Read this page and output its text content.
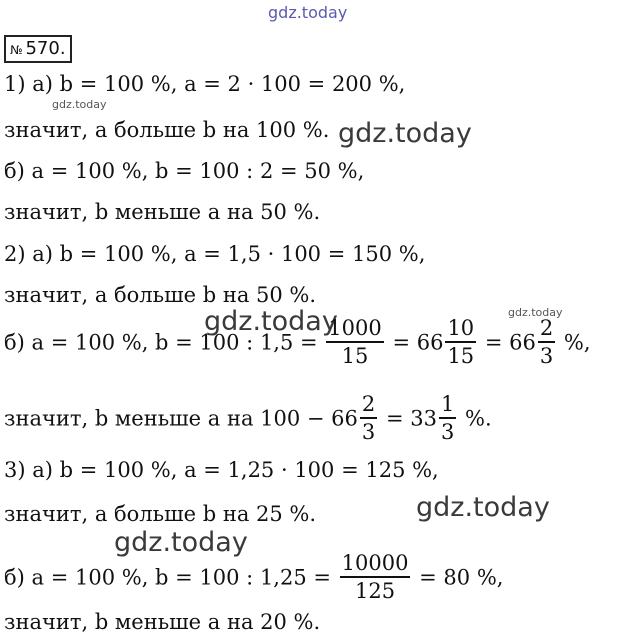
gdz.today
№ 570.
1) а) b = 100 %, a = 2 · 100 = 200 %,
gdz.today
значит, a больше b на 100 %. gdz.today
б) a = 100 %, b = 100 : 2 = 50 %,
значит, b меньше a на 50 %.
2) а) b = 100 %, a = 1,5 · 100 = 150 %,
значит, a больше b на 50 %.
gdz.today
gdz.today
б) a = 100 %, b = 100 : $1,5 = \frac{1000}{15} = 66 \frac{10}{15} = 66 \frac{2}{3}$ %,
значит, b меньше a на $100 - 66 \frac{2}{3} = 33 \frac{1}{3}$ %.
3) а) b = 100 %, a = 1,25 · 100 = 125 %,
gdz.today
значит, a больше b на 25 %.
gdz.today
б) a = 100 %, b = 100 : $1,25 = \frac{10000}{125} = 80$ %,
значит, b меньше a на 20 %.
